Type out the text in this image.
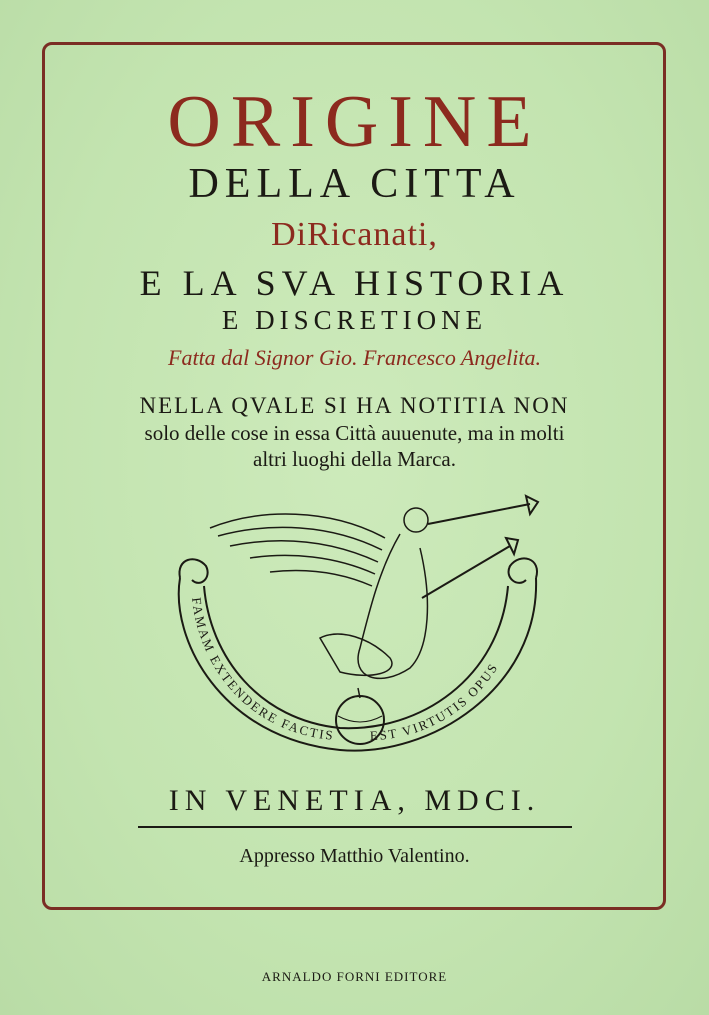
ORIGINE
DELLA CITTA
DiRicanati,
E LA SVA HISTORIA
E DISCRETIONE
Fatta dal Signor Gio. Francesco Angelita.
NELLA QVALE SI HA NOTITIA NON
solo delle cose in essa Città auuenute, ma in molti
altri luoghi della Marca.
FAMAM EXTENDERE FACTIS	EST VIRTUTIS OPUS
IN VENETIA, MDCI.
Appresso Matthio Valentino.
ARNALDO FORNI EDITORE
